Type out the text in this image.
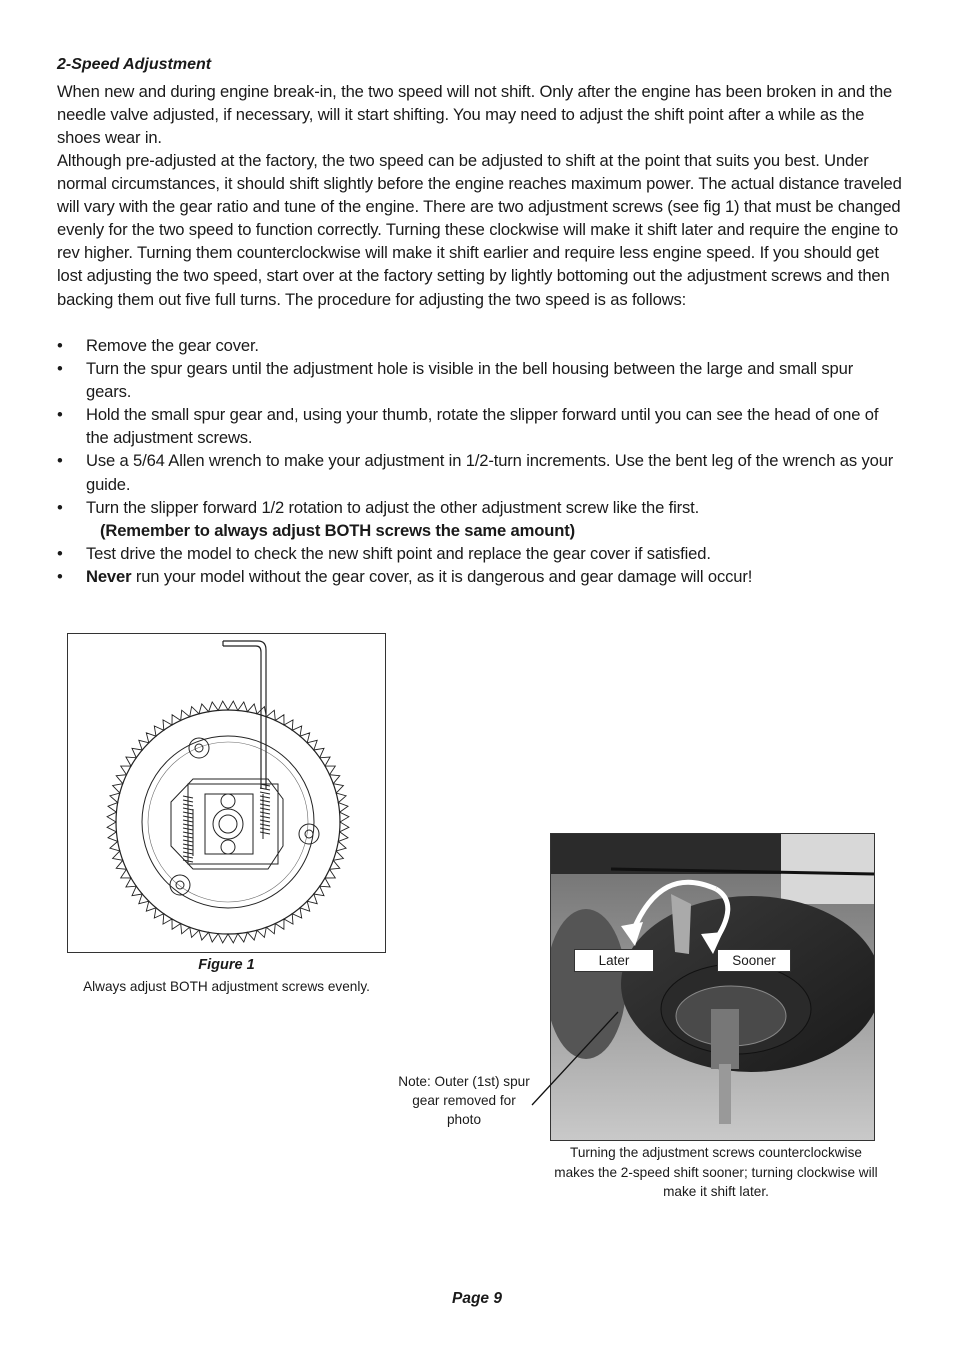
2-Speed Adjustment

When new and during engine break-in, the two speed will not shift. Only after the engine has been broken in and the needle valve adjusted, if necessary, will it start shifting. You may need to adjust the shift point after a while as the shoes wear in.

Although pre-adjusted at the factory, the two speed can be adjusted to shift at the point that suits you best. Under normal circumstances, it should shift slightly before the engine reaches maximum power. The actual distance traveled will vary with the gear ratio and tune of the engine. There are two adjustment screws (see fig 1) that must be changed evenly for the two speed to function correctly. Turning these clockwise will make it shift later and require the engine to rev higher. Turning them counterclockwise will make it shift earlier and require less engine speed. If you should get lost adjusting the two speed, start over at the factory setting by lightly bottoming out the adjustment screws and then backing them out five full turns. The procedure for adjusting the two speed is as follows:

• Remove the gear cover.
• Turn the spur gears until the adjustment hole is visible in the bell housing between the large and small spur gears.
• Hold the small spur gear and, using your thumb, rotate the slipper forward until you can see the head of one of the adjustment screws.
• Use a 5/64 Allen wrench to make your adjustment in 1/2-turn increments. Use the bent leg of the wrench as your guide.
• Turn the slipper forward 1/2 rotation to adjust the other adjustment screw like the first.
(Remember to always adjust BOTH screws the same amount)
• Test drive the model to check the new shift point and replace the gear cover if satisfied.
• Never run your model without the gear cover, as it is dangerous and gear damage will occur!
Figure 1
Always adjust BOTH adjustment screws evenly.
Later	Sooner
Note: Outer (1st) spur gear removed for photo
Turning the adjustment screws counterclockwise makes the 2-speed shift sooner; turning clockwise will make it shift later.
Page 9
